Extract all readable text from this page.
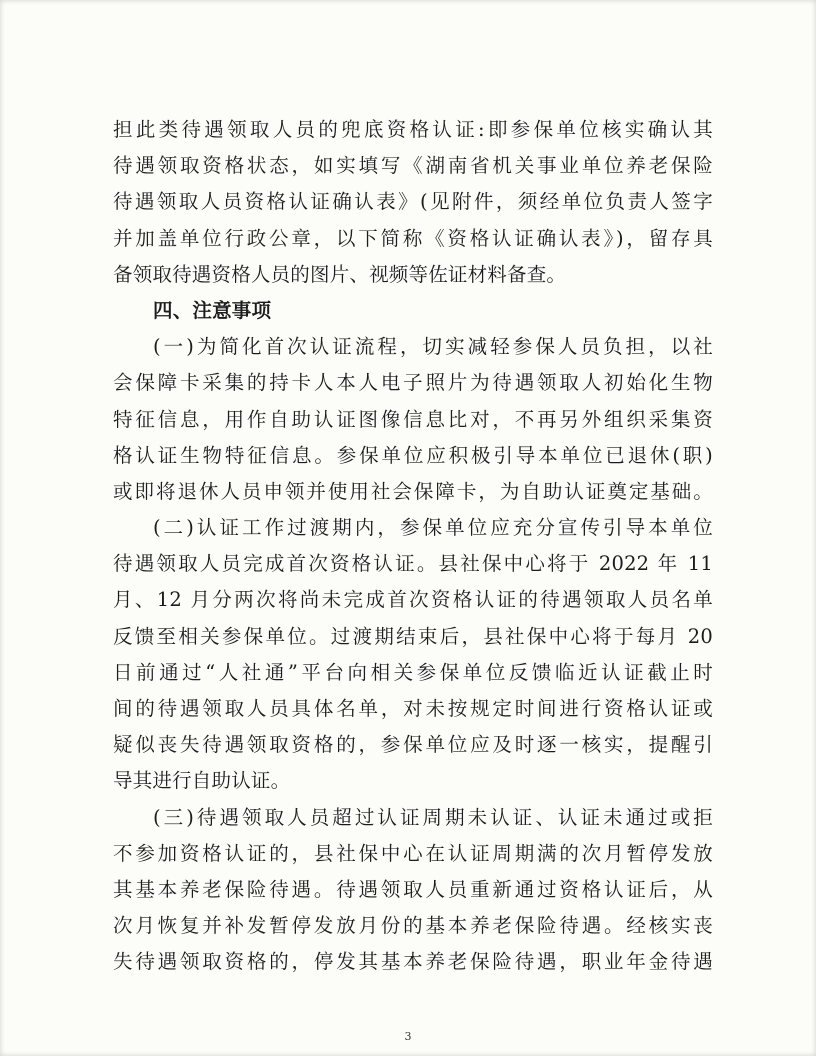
担此类待遇领取人员的兜底资格认证:即参保单位核实确认其
待遇领取资格状态，如实填写《湖南省机关事业单位养老保险
待遇领取人员资格认证确认表》(见附件，须经单位负责人签字
并加盖单位行政公章，以下简称《资格认证确认表》)，留存具
备领取待遇资格人员的图片、视频等佐证材料备查。
四、注意事项
(一)为简化首次认证流程，切实减轻参保人员负担，以社
会保障卡采集的持卡人本人电子照片为待遇领取人初始化生物
特征信息，用作自助认证图像信息比对，不再另外组织采集资
格认证生物特征信息。参保单位应积极引导本单位已退休(职)
或即将退休人员申领并使用社会保障卡，为自助认证奠定基础。
(二)认证工作过渡期内，参保单位应充分宣传引导本单位
待遇领取人员完成首次资格认证。县社保中心将于 2022 年 11
月、12 月分两次将尚未完成首次资格认证的待遇领取人员名单
反馈至相关参保单位。过渡期结束后，县社保中心将于每月 20
日前通过“人社通”平台向相关参保单位反馈临近认证截止时
间的待遇领取人员具体名单，对未按规定时间进行资格认证或
疑似丧失待遇领取资格的，参保单位应及时逐一核实，提醒引
导其进行自助认证。
(三)待遇领取人员超过认证周期未认证、认证未通过或拒
不参加资格认证的，县社保中心在认证周期满的次月暂停发放
其基本养老保险待遇。待遇领取人员重新通过资格认证后，从
次月恢复并补发暂停发放月份的基本养老保险待遇。经核实丧
失待遇领取资格的，停发其基本养老保险待遇，职业年金待遇
3
